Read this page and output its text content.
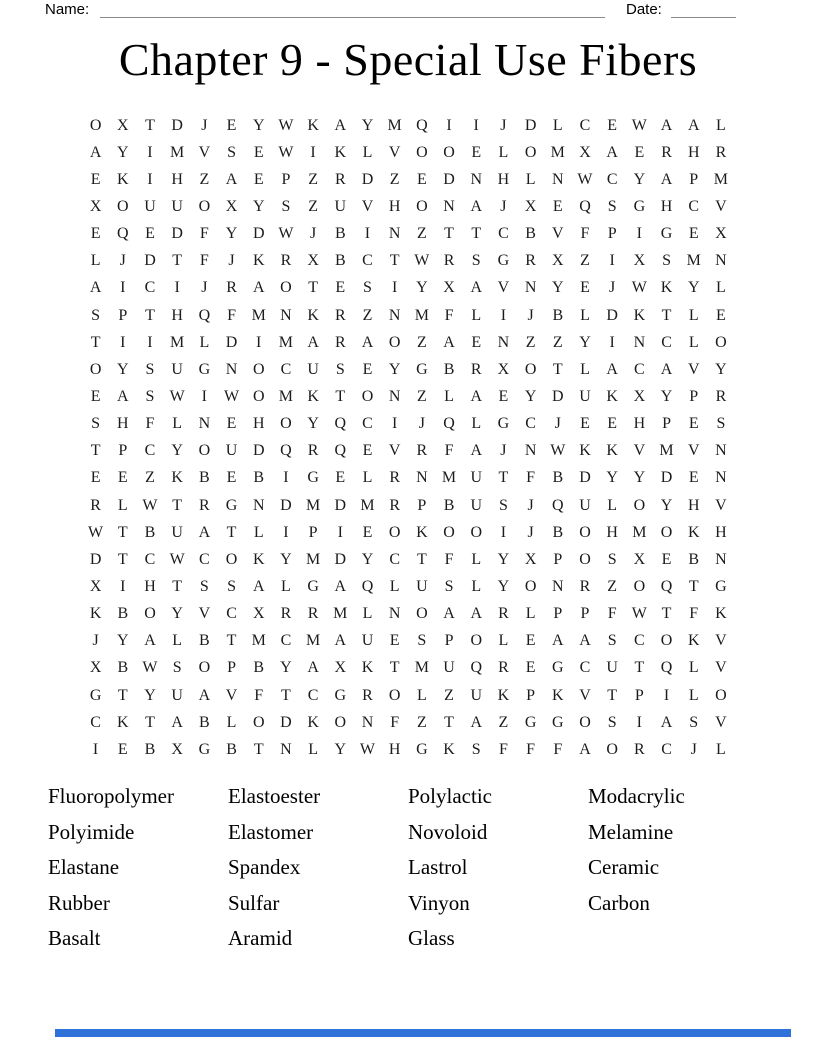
Name:	Date:
Chapter 9 - Special Use Fibers
O X	T	D	J	E	Y W K A Y M Q	I	I	J	D	L	C	E W A A	L
A Y	I	M V	S	E W	I	K	L	V O O	E	L	O M X A	E	R	H	R
E	K	I	H	Z	A	E	P	Z	R	D	Z	E	D N H	L	N W C	Y A	P M
X O U U O X Y	S	Z	U V H O N A	J	X	E	Q	S	G H	C	V
E	Q	E	D	F	Y D W	J	B	I	N	Z	T	T	C	B	V	F	P	I	G	E	X
L	J	D	T	F	J	K	R	X	B	C	T W R	S	G	R	X	Z	I	X	S M N
A	I	C	I	J	R	A O	T	E	S	I	Y X A V N Y	E	J	W K Y	L
S	P	T	H Q	F M N K	R	Z	N M F	L	I	J	B	L	D K	T	L	E
T	I	I	M L	D	I	M A	R	A O	Z	A	E	N	Z	Z	Y	I	N	C	L	O
O Y	S	U G N O	C	U	S	E	Y G	B	R	X O	T	L	A	C	A V Y
E	A	S W	I	W O M K	T	O N	Z	L	A	E	Y D U K X Y	P	R
S	H	F	L	N	E	H O Y Q	C	I	J	Q	L	G	C	J	E	E	H	P	E	S
T	P	C	Y O U D Q	R	Q	E	V	R	F	A	J	N W K K V M V N
E	E	Z	K	B	E	B	I	G	E	L	R	N M U	T	F	B	D Y Y D	E	N
R	L W T	R	G N D M D M R	P	B	U	S	J	Q U	L	O Y H V
W T	B	U A	T	L	I	P	I	E	O K O O	I	J	B	O H M O K H
D	T	C W C	O K Y M D Y	C	T	F	L	Y X	P	O	S	X	E	B	N
X	I	H	T	S	S	A	L	G A Q	L	U	S	L	Y O N	R	Z	O Q	T	G
K	B	O Y V	C	X	R	R M L	N O A A	R	L	P	P	F W T	F	K
J	Y A	L	B	T M C M A U	E	S	P	O	L	E	A A	S	C	O K V
X	B W S	O	P	B	Y A X K	T M U Q	R	E	G	C	U	T	Q	L	V
G	T	Y U A V	F	T	C	G	R	O	L	Z	U K	P	K V	T	P	I	L	O
C	K	T	A	B	L	O D K O N	F	Z	T	A	Z	G G O	S	I	A	S	V
I	E	B	X G	B	T	N	L	Y W H G K	S	F	F	F	A O	R	C	J	L
Fluoropolymer
Polyimide
Elastane
Rubber
Basalt
Elastoester
Elastomer
Spandex
Sulfar
Aramid
Polylactic
Novoloid
Lastrol
Vinyon
Glass
Modacrylic
Melamine
Ceramic
Carbon
